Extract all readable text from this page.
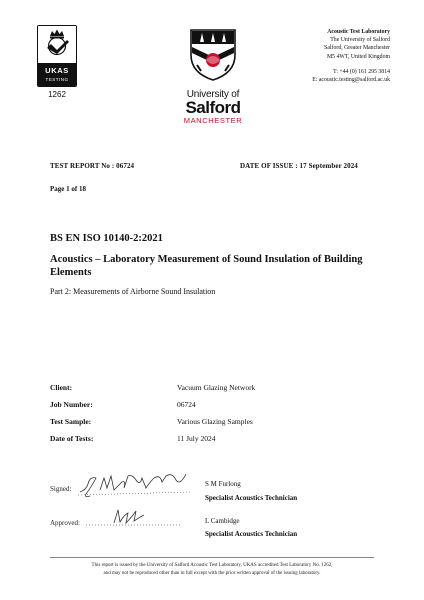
UKAS
TESTING
1262	University of
Salford
MANCHESTER
Acoustic Test Laboratory
The University of Salford
Salford, Greater Manchester
M5 4WT, United Kingdom
T: +44 (0) 161 295 3814
E: acoustic.testing@salford.ac.uk
TEST REPORT No : 06724	DATE OF ISSUE : 17 September 2024
Page 1 of 18
BS EN ISO 10140-2:2021
Acoustics – Laboratory Measurement of Sound Insulation of Building Elements
Part 2: Measurements of Airborne Sound Insulation
Client:	Vacuum Glazing Network
Job Number:	06724
Test Sample:	Various Glazing Samples
Date of Tests:	11 July 2024
Signed:
S M Furlong
Specialist Acoustics Technician
Approved:	L Cambidge
Specialist Acoustics Technician
This report is issued by the University of Salford Acoustic Test Laboratory, UKAS accredited Test Laboratory No. 1262,
and may not be reproduced other than in full except with the prior written approval of the issuing laboratory.
